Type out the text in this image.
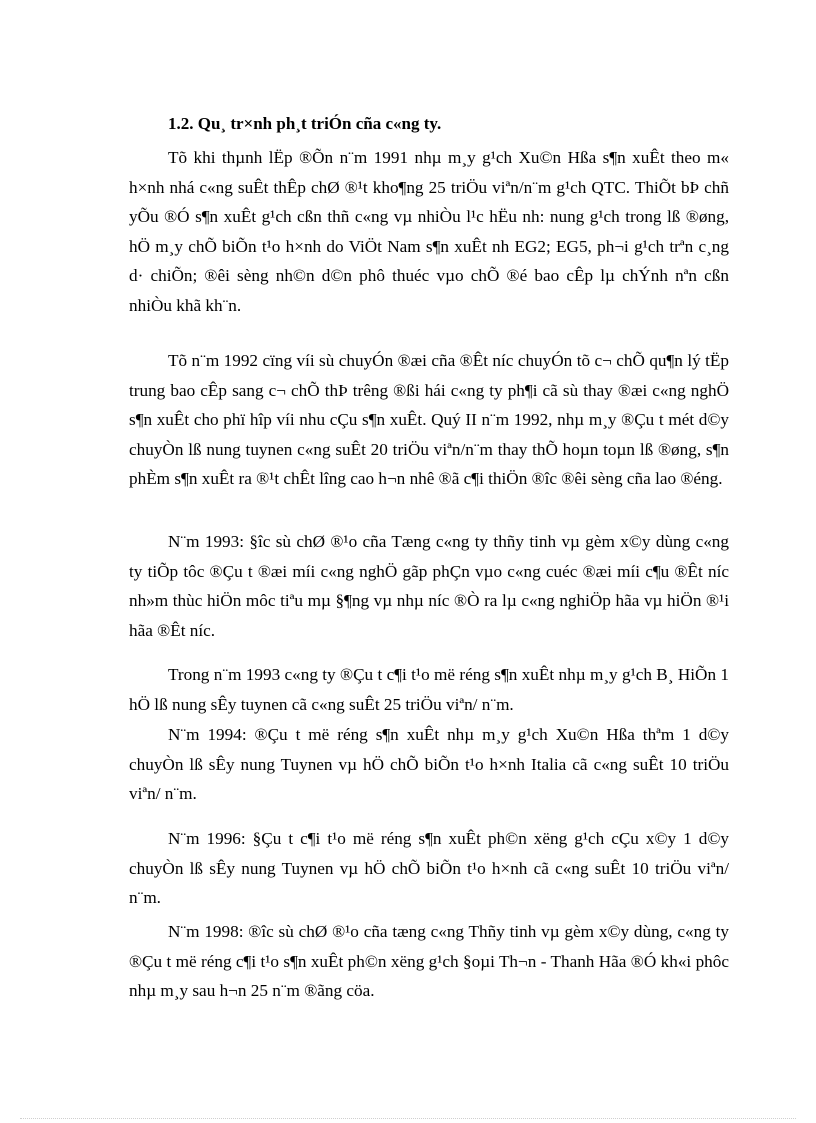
1.2. Qu¸ tr×nh ph¸t triÓn cña c«ng ty.

Tõ khi thµnh lËp ®Õn n¨m 1991 nhµ m¸y g¹ch Xu©n Hßa s¶n xuÊt theo m« h×nh nhá c«ng suÊt thÊp chØ ®¹t kho¶ng 25 triÖu viªn/n¨m g¹ch QTC. ThiÕt bÞ chñ yÕu ®Ó s¶n xuÊt g¹ch cßn thñ c«ng vµ nhiÒu l¹c hËu nh: nung g¹ch trong lß ®øng, hÖ m¸y chÕ biÕn t¹o h×nh do ViÖt Nam s¶n xuÊt nh EG2; EG5, ph¬i g¹ch trªn c¸ng d· chiÕn; ®êi sèng nh©n d©n phô thuéc vµo chÕ ®é bao cÊp lµ chÝnh nªn cßn nhiÒu khã kh¨n.

Tõ n¨m 1992 cïng víi sù chuyÓn ®æi cña ®Êt níc chuyÓn tõ c¬ chÕ qu¶n lý tËp trung bao cÊp sang c¬ chÕ thÞ trêng ®ßi hái c«ng ty ph¶i cã sù thay ®æi c«ng nghÖ s¶n xuÊt cho phï hîp víi nhu cÇu s¶n xuÊt. Quý II n¨m 1992, nhµ m¸y ®Çu t mét d©y chuyÒn lß nung tuynen c«ng suÊt 20 triÖu viªn/n¨m thay thÕ hoµn toµn lß ®øng, s¶n phÈm s¶n xuÊt ra ®¹t chÊt lîng cao h¬n nhê ®ã c¶i thiÖn ®îc ®êi sèng cña lao ®éng.

N¨m 1993: §îc sù chØ ®¹o cña Tæng c«ng ty thñy tinh vµ gèm x©y dùng c«ng ty tiÕp tôc ®Çu t ®æi míi c«ng nghÖ gãp phÇn vµo c«ng cuéc ®æi míi c¶u ®Êt níc nh»m thùc hiÖn môc tiªu mµ §¶ng vµ nhµ níc ®Ò ra lµ c«ng nghiÖp hãa vµ hiÖn ®¹i hãa ®Êt níc.

Trong n¨m 1993 c«ng ty ®Çu t c¶i t¹o më réng s¶n xuÊt nhµ m¸y g¹ch B¸ HiÕn 1 hÖ lß nung sÊy tuynen cã c«ng suÊt 25 triÖu viªn/ n¨m.

N¨m 1994: ®Çu t më réng s¶n xuÊt nhµ m¸y g¹ch Xu©n Hßa thªm 1 d©y chuyÒn lß sÊy nung Tuynen vµ hÖ chÕ biÕn t¹o h×nh Italia cã c«ng suÊt 10 triÖu viªn/ n¨m.

N¨m 1996: §Çu t c¶i t¹o më réng s¶n xuÊt ph©n xëng g¹ch cÇu x©y 1 d©y chuyÒn lß sÊy nung Tuynen vµ hÖ chÕ biÕn t¹o h×nh cã c«ng suÊt 10 triÖu viªn/ n¨m.

N¨m 1998: ®îc sù chØ ®¹o cña tæng c«ng Thñy tinh vµ gèm x©y dùng, c«ng ty ®Çu t më réng c¶i t¹o s¶n xuÊt ph©n xëng g¹ch §oµi Th¬n - Thanh Hãa ®Ó kh«i phôc nhµ m¸y sau h¬n 25 n¨m ®ãng cöa.
